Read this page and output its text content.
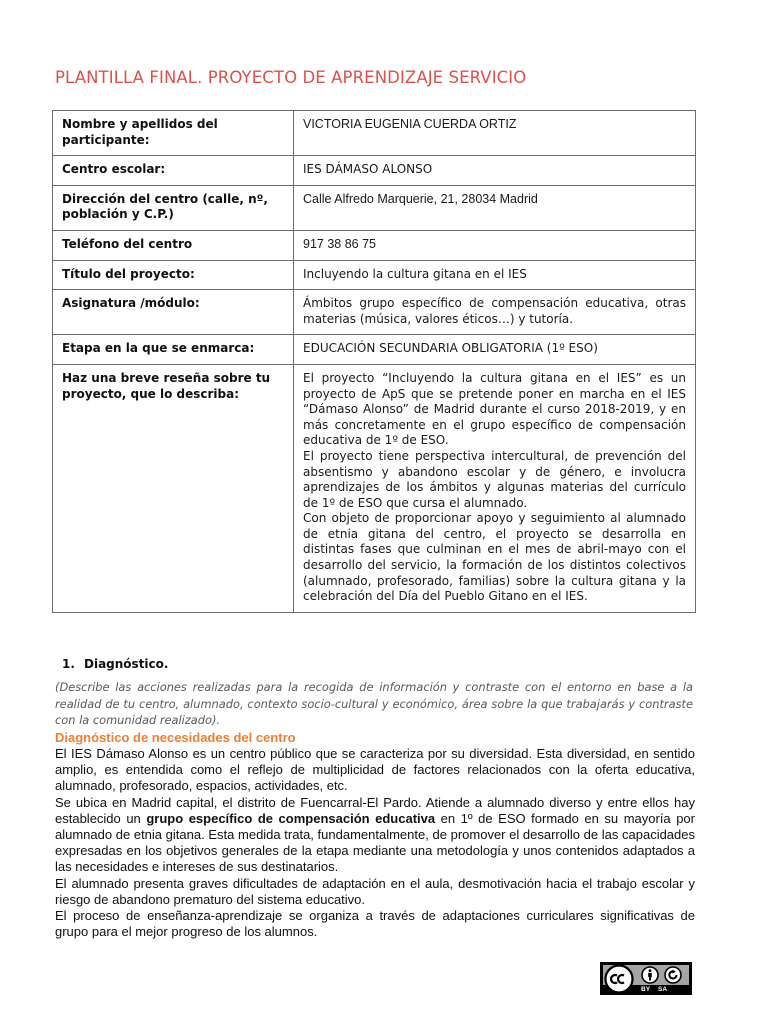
PLANTILLA FINAL. PROYECTO DE APRENDIZAJE SERVICIO
Nombre y apellidos del participante:	VICTORIA EUGENIA CUERDA ORTIZ
Centro escolar:	IES DÁMASO ALONSO
Dirección del centro (calle, nº, población y C.P.)	Calle Alfredo Marquerie, 21, 28034 Madrid
Teléfono del centro	917 38 86 75
Título del proyecto:	Incluyendo la cultura gitana en el IES
Asignatura /módulo:	Ámbitos grupo específico de compensación educativa, otras materias (música, valores éticos…) y tutoría.
Etapa en la que se enmarca:	EDUCACIÓN SECUNDARIA OBLIGATORIA (1º ESO)
Haz una breve reseña sobre tu proyecto, que lo describa:	El proyecto “Incluyendo la cultura gitana en el IES” es un proyecto de ApS que se pretende poner en marcha en el IES “Dámaso Alonso” de Madrid durante el curso 2018-2019, y en más concretamente en el grupo específico de compensación educativa de 1º de ESO.

El proyecto tiene perspectiva intercultural, de prevención del absentismo y abandono escolar y de género, e involucra aprendizajes de los ámbitos y algunas materias del currículo de 1º de ESO que cursa el alumnado.

Con objeto de proporcionar apoyo y seguimiento al alumnado de etnia gitana del centro, el proyecto se desarrolla en distintas fases que culminan en el mes de abril-mayo con el desarrollo del servicio, la formación de los distintos colectivos (alumnado, profesorado, familias) sobre la cultura gitana y la celebración del Día del Pueblo Gitano en el IES.

1. Diagnóstico.
(Describe las acciones realizadas para la recogida de información y contraste con el entorno en base a la realidad de tu centro, alumnado, contexto socio-cultural y económico, área sobre la que trabajarás y contraste con la comunidad realizado).
Diagnóstico de necesidades del centro

El IES Dámaso Alonso es un centro público que se caracteriza por su diversidad. Esta diversidad, en sentido amplio, es entendida como el reflejo de multiplicidad de factores relacionados con la oferta educativa, alumnado, profesorado, espacios, actividades, etc.

Se ubica en Madrid capital, el distrito de Fuencarral-El Pardo. Atiende a alumnado diverso y entre ellos hay establecido un grupo específico de compensación educativa en 1º de ESO formado en su mayoría por alumnado de etnia gitana. Esta medida trata, fundamentalmente, de promover el desarrollo de las capacidades expresadas en los objetivos generales de la etapa mediante una metodología y unos contenidos adaptados a las necesidades e intereses de sus destinatarios.

El alumnado presenta graves dificultades de adaptación en el aula, desmotivación hacia el trabajo escolar y riesgo de abandono prematuro del sistema educativo.

El proceso de enseñanza-aprendizaje se organiza a través de adaptaciones curriculares significativas de grupo para el mejor progreso de los alumnos.

BY SA
